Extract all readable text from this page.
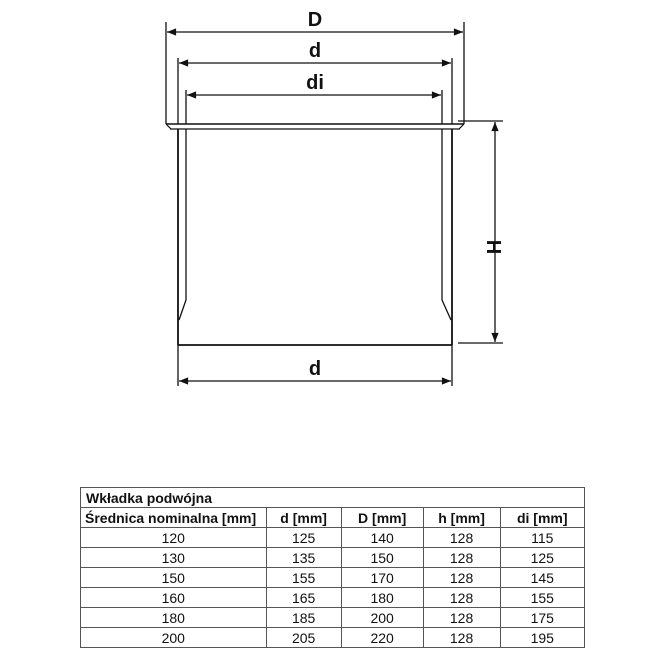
D
d
di
d
H
Wkładka podwójna				
Średnica nominalna [mm]	d [mm]	D [mm]	h [mm]	di [mm]
120	125	140	128	115
130	135	150	128	125
150	155	170	128	145
160	165	180	128	155
180	185	200	128	175
200	205	220	128	195
